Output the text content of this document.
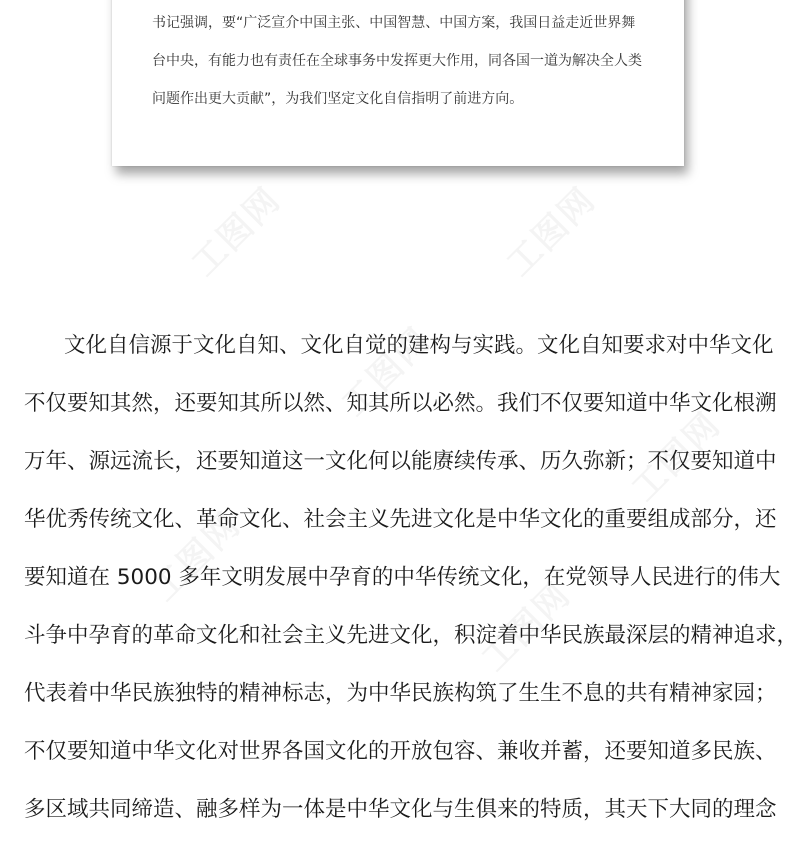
书记强调，要“广泛宣介中国主张、中国智慧、中国方案，我国日益走近世界舞
台中央，有能力也有责任在全球事务中发挥更大作用，同各国一道为解决全人类
问题作出更大贡献”，为我们坚定文化自信指明了前进方向。
文化自信源于文化自知、文化自觉的建构与实践。文化自知要求对中华文化
不仅要知其然，还要知其所以然、知其所以必然。我们不仅要知道中华文化根溯
万年、源远流长，还要知道这一文化何以能赓续传承、历久弥新；不仅要知道中
华优秀传统文化、革命文化、社会主义先进文化是中华文化的重要组成部分，还
要知道在 5000 多年文明发展中孕育的中华传统文化，在党领导人民进行的伟大
斗争中孕育的革命文化和社会主义先进文化，积淀着中华民族最深层的精神追求，
代表着中华民族独特的精神标志，为中华民族构筑了生生不息的共有精神家园；
不仅要知道中华文化对世界各国文化的开放包容、兼收并蓄，还要知道多民族、
多区域共同缔造、融多样为一体是中华文化与生俱来的特质，其天下大同的理念
